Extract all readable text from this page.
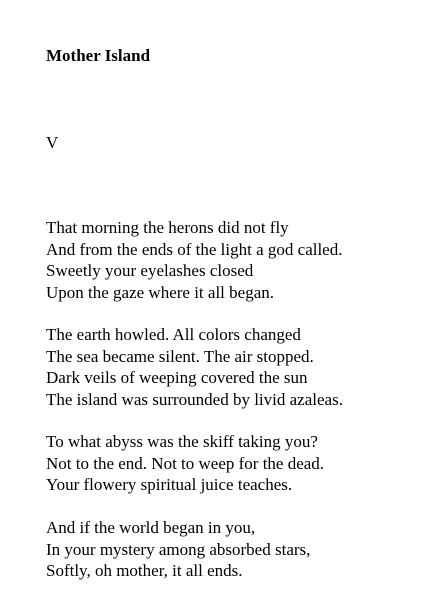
Mother Island
V
That morning the herons did not fly
And from the ends of the light a god called.
Sweetly your eyelashes closed
Upon the gaze where it all began.
The earth howled. All colors changed
The sea became silent. The air stopped.
Dark veils of weeping covered the sun
The island was surrounded by livid azaleas.
To what abyss was the skiff taking you?
Not to the end. Not to weep for the dead.
Your flowery spiritual juice teaches.
And if the world began in you,
In your mystery among absorbed stars,
Softly, oh mother, it all ends.
